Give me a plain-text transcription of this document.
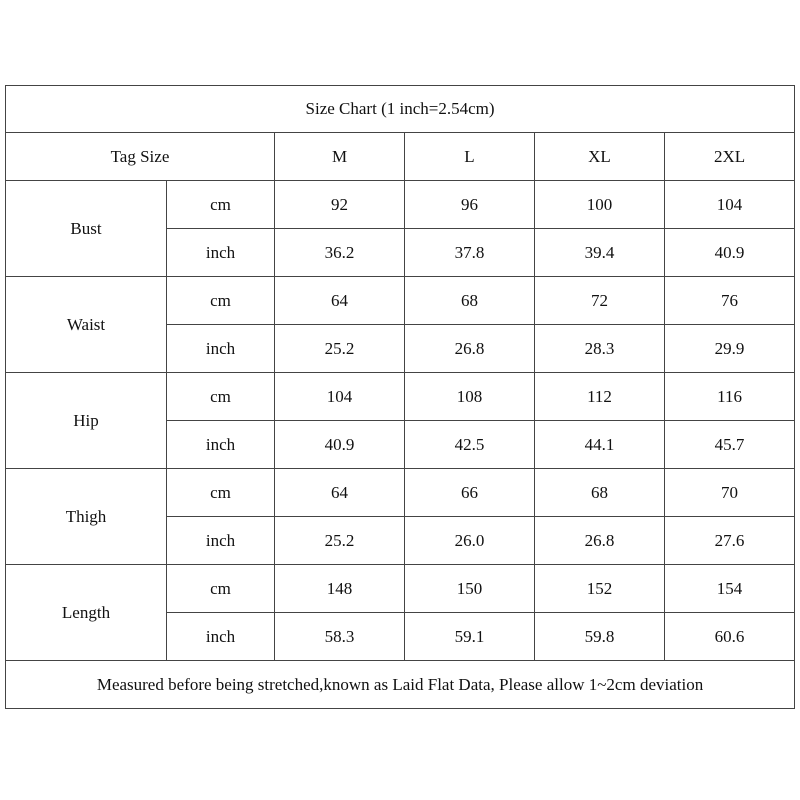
Size Chart (1 inch=2.54cm)					
Tag Size		M	L	XL	2XL
Bust	cm	92	96	100	104
	inch	36.2	37.8	39.4	40.9
Waist	cm	64	68	72	76
	inch	25.2	26.8	28.3	29.9
Hip	cm	104	108	112	116
	inch	40.9	42.5	44.1	45.7
Thigh	cm	64	66	68	70
	inch	25.2	26.0	26.8	27.6
Length	cm	148	150	152	154
	inch	58.3	59.1	59.8	60.6
Measured before being stretched,known as Laid Flat Data, Please allow 1~2cm deviation					
